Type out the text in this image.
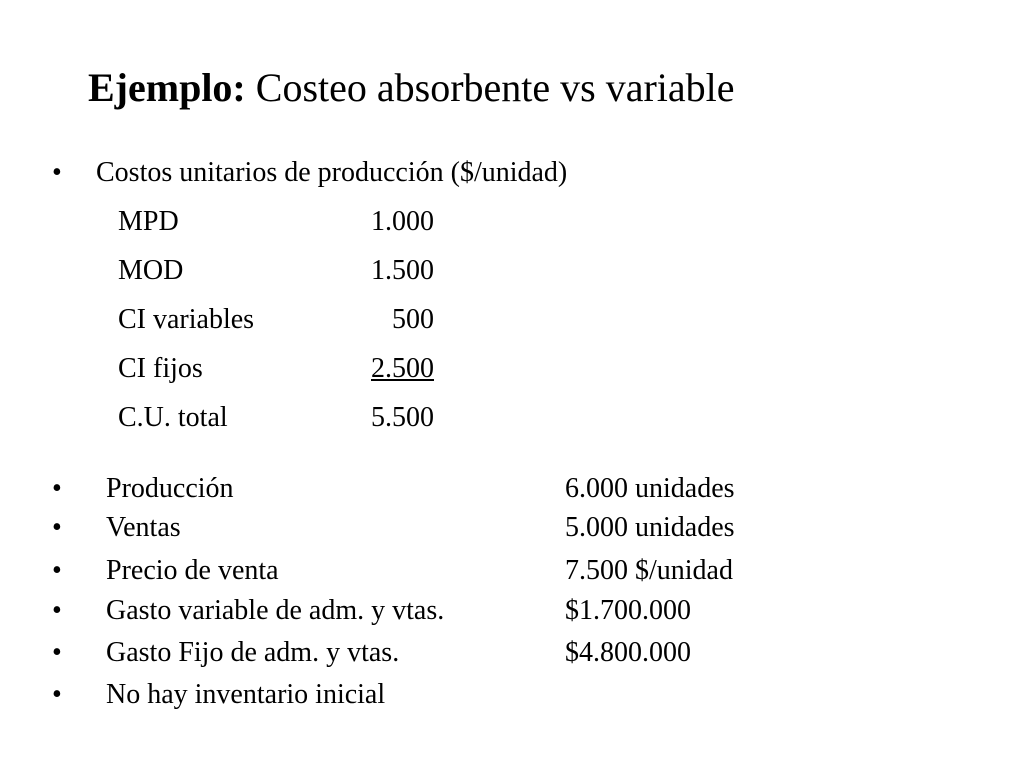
Ejemplo: Costeo absorbente vs variable
• Costos unitarios de producción ($/unidad)
MPD	1.000
MOD	1.500
CI variables	500
CI fijos	2.500
C.U. total	5.500
• Producción	6.000 unidades
• Ventas	5.000 unidades
• Precio de venta	7.500 $/unidad
• Gasto variable de adm. y vtas.	$1.700.000
• Gasto Fijo de adm. y vtas.	$4.800.000
• No hay inventario inicial
